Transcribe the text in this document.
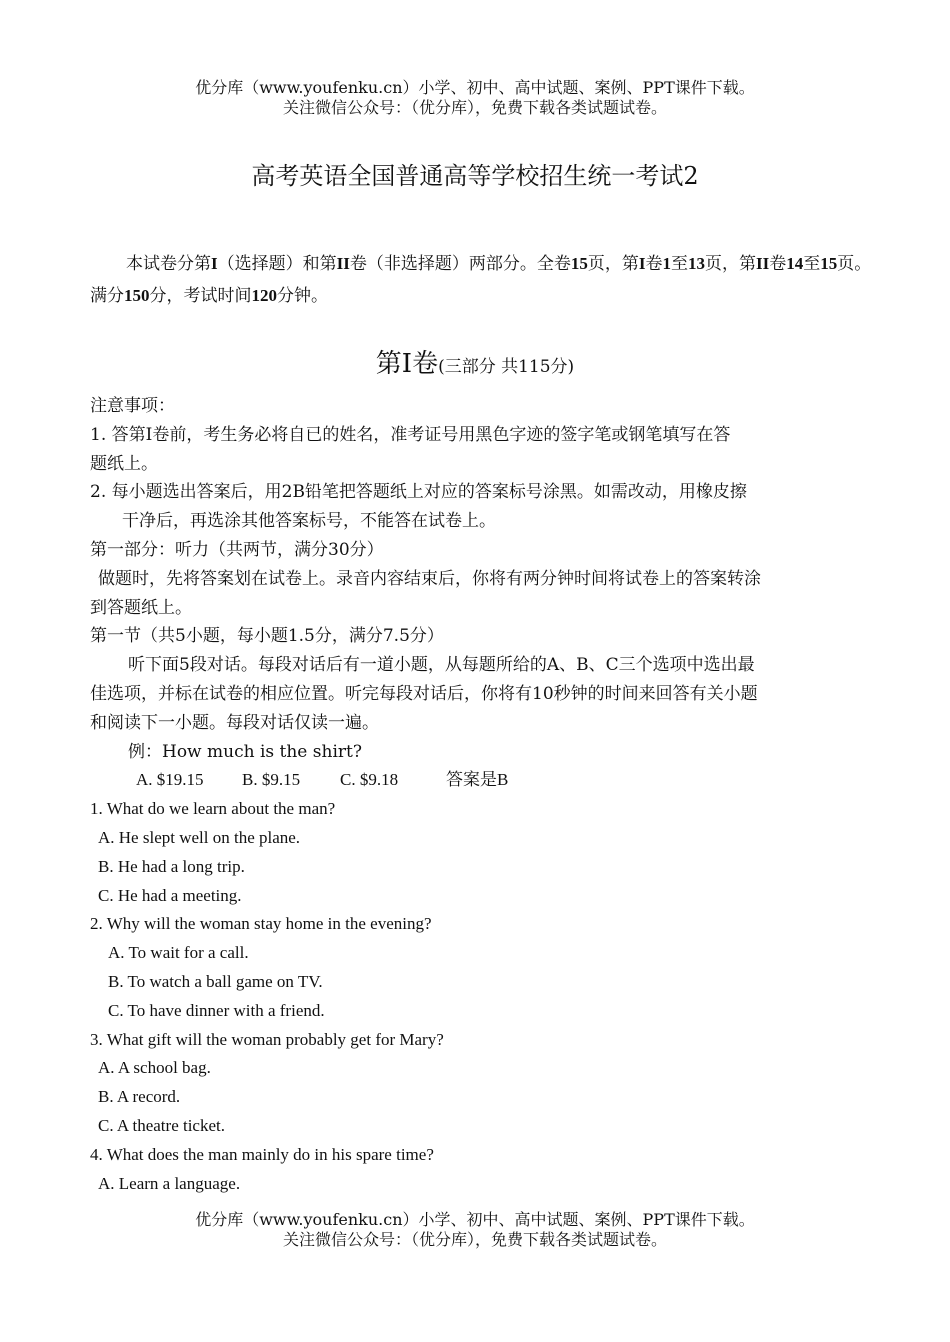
优分库（www.youfenku.cn）小学、初中、高中试题、案例、PPT课件下载。
关注微信公众号：（优分库），免费下载各类试题试卷。
高考英语全国普通高等学校招生统一考试2
本试卷分第I（选择题）和第II卷（非选择题）两部分。全卷15页，第I卷1至13页，第II卷14至15页。满分150分，考试时间120分钟。
第I卷(三部分 共115分)
注意事项：
1. 答第I卷前，考生务必将自已的姓名，准考证号用黑色字迹的签字笔或钢笔填写在答
题纸上。
2. 每小题选出答案后，用2B铅笔把答题纸上对应的答案标号涂黑。如需改动，用橡皮擦
干净后，再选涂其他答案标号，不能答在试卷上。
第一部分：听力（共两节，满分30分）
做题时，先将答案划在试卷上。录音内容结束后，你将有两分钟时间将试卷上的答案转涂
到答题纸上。
第一节（共5小题，每小题1.5分，满分7.5分）
听下面5段对话。每段对话后有一道小题，从每题所给的A、B、C三个选项中选出最
佳选项，并标在试卷的相应位置。听完每段对话后，你将有10秒钟的时间来回答有关小题
和阅读下一小题。每段对话仅读一遍。
例：How much is the shirt?
A. $19.15 B. $9.15 C. $9.18	答案是B
1. What do we learn about the man?
A. He slept well on the plane.
B. He had a long trip.
C. He had a meeting.
2. Why will the woman stay home in the evening?
A. To wait for a call.
B. To watch a ball game on TV.
C. To have dinner with a friend.
3. What gift will the woman probably get for Mary?
A. A school bag.
B. A record.
C. A theatre ticket.
4. What does the man mainly do in his spare time?
A. Learn a language.
优分库（www.youfenku.cn）小学、初中、高中试题、案例、PPT课件下载。
关注微信公众号：（优分库），免费下载各类试题试卷。
